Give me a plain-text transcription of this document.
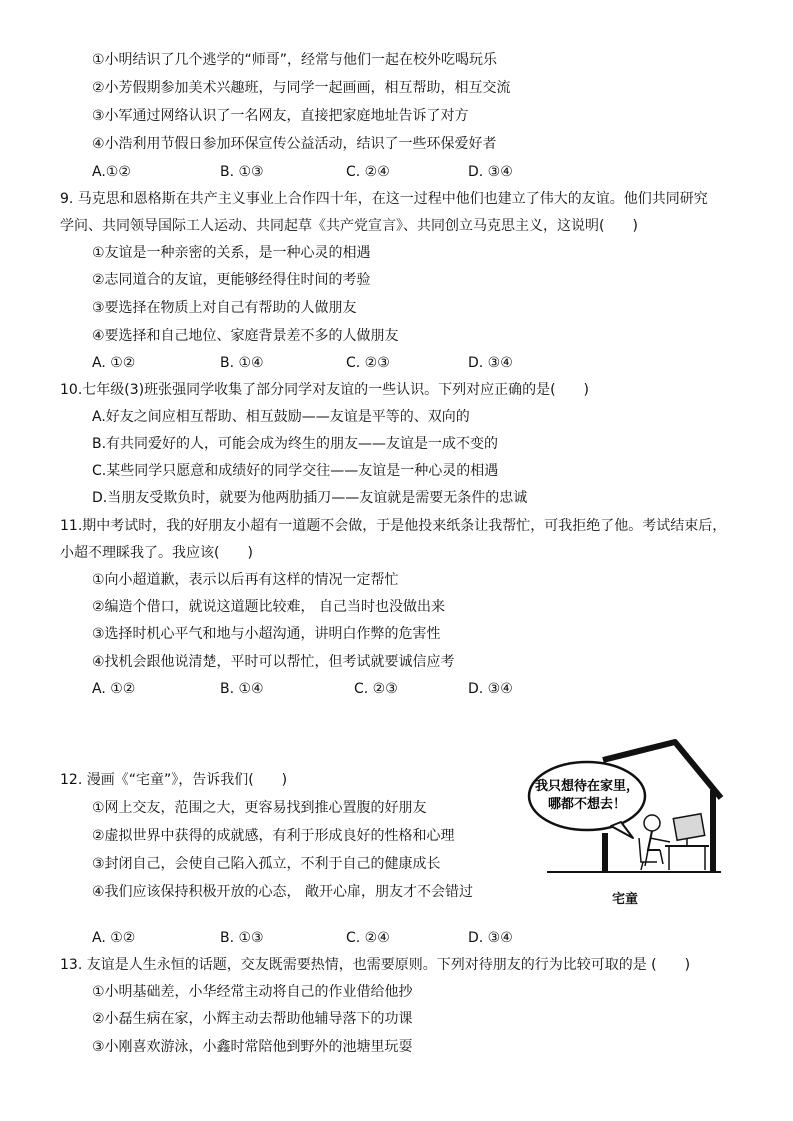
①小明结识了几个逃学的“师哥”，经常与他们一起在校外吃喝玩乐
②小芳假期参加美术兴趣班，与同学一起画画，相互帮助，相互交流
③小军通过网络认识了一名网友，直接把家庭地址告诉了对方
④小浩利用节假日参加环保宣传公益活动，结识了一些环保爱好者
A.①②	B. ①③	C. ②④	D. ③④
9. 马克思和恩格斯在共产主义事业上合作四十年，在这一过程中他们也建立了伟大的友谊。他们共同研究
学问、共同领导国际工人运动、共同起草《共产党宣言》、共同创立马克思主义，这说明(　　)
①友谊是一种亲密的关系，是一种心灵的相遇
②志同道合的友谊，更能够经得住时间的考验
③要选择在物质上对自己有帮助的人做朋友
④要选择和自己地位、家庭背景差不多的人做朋友
A. ①②	B. ①④	C. ②③	D. ③④
10.七年级(3)班张强同学收集了部分同学对友谊的一些认识。下列对应正确的是(　　)
A.好友之间应相互帮助、相互鼓励——友谊是平等的、双向的
B.有共同爱好的人，可能会成为终生的朋友——友谊是一成不变的
C.某些同学只愿意和成绩好的同学交往——友谊是一种心灵的相遇
D.当朋友受欺负时，就要为他两肋插刀——友谊就是需要无条件的忠诚
11.期中考试时，我的好朋友小超有一道题不会做，于是他投来纸条让我帮忙，可我拒绝了他。考试结束后，
小超不理睬我了。我应该(　　)
①向小超道歉，表示以后再有这样的情况一定帮忙
②编造个借口，就说这道题比较难， 自己当时也没做出来
③选择时机心平气和地与小超沟通，讲明白作弊的危害性
④找机会跟他说清楚，平时可以帮忙，但考试就要诚信应考
A. ①②	B. ①④	C. ②③	D. ③④
12. 漫画《“宅童”》，告诉我们(　　)
①网上交友，范围之大，更容易找到推心置腹的好朋友
②虚拟世界中获得的成就感，有利于形成良好的性格和心理
③封闭自己，会使自己陷入孤立，不利于自己的健康成长
④我们应该保持积极开放的心态， 敞开心扉，朋友才不会错过
A. ①②	B. ①③	C. ②④	D. ③④
我只想待在家里，
哪都不想去！
宅童
13. 友谊是人生永恒的话题，交友既需要热情，也需要原则。下列对待朋友的行为比较可取的是 (　　)
①小明基础差，小华经常主动将自己的作业借给他抄
②小磊生病在家，小辉主动去帮助他辅导落下的功课
③小刚喜欢游泳，小鑫时常陪他到野外的池塘里玩耍
